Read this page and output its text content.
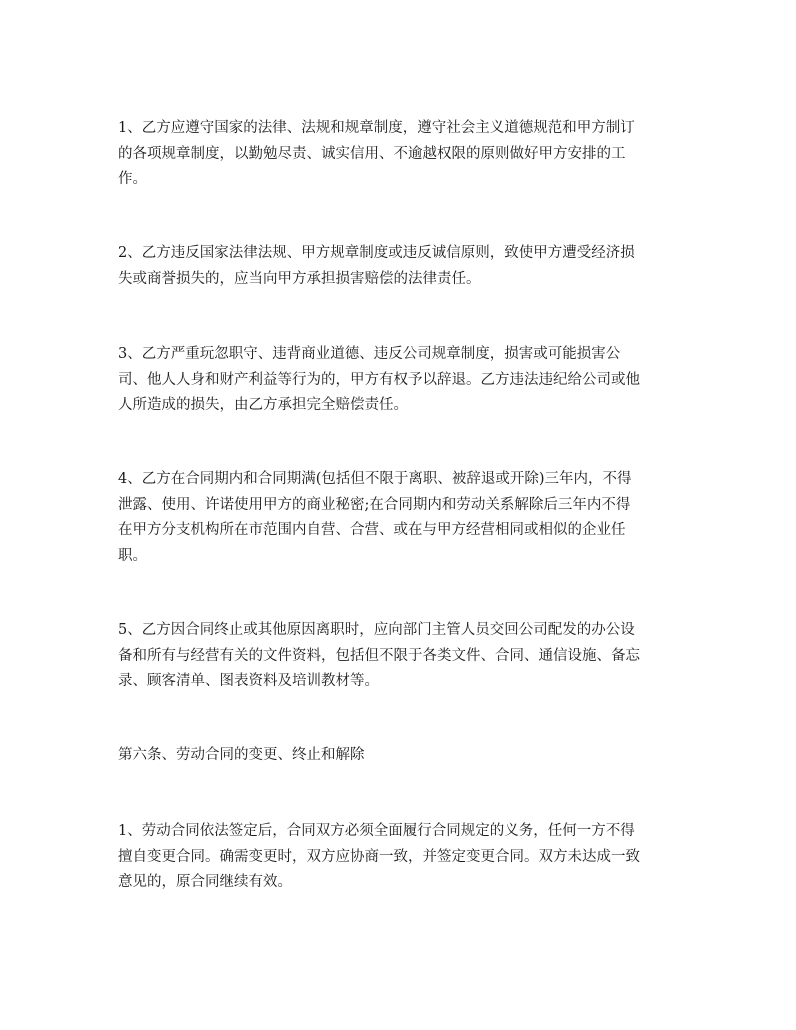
1、乙方应遵守国家的法律、法规和规章制度，遵守社会主义道德规范和甲方制订
的各项规章制度，以勤勉尽责、诚实信用、不逾越权限的原则做好甲方安排的工
作。
2、乙方违反国家法律法规、甲方规章制度或违反诚信原则，致使甲方遭受经济损
失或商誉损失的，应当向甲方承担损害赔偿的法律责任。
3、乙方严重玩忽职守、违背商业道德、违反公司规章制度，损害或可能损害公
司、他人人身和财产利益等行为的，甲方有权予以辞退。乙方违法违纪给公司或他
人所造成的损失，由乙方承担完全赔偿责任。
4、乙方在合同期内和合同期满(包括但不限于离职、被辞退或开除)三年内，不得
泄露、使用、许诺使用甲方的商业秘密;在合同期内和劳动关系解除后三年内不得
在甲方分支机构所在市范围内自营、合营、或在与甲方经营相同或相似的企业任
职。
5、乙方因合同终止或其他原因离职时，应向部门主管人员交回公司配发的办公设
备和所有与经营有关的文件资料，包括但不限于各类文件、合同、通信设施、备忘
录、顾客清单、图表资料及培训教材等。
第六条、劳动合同的变更、终止和解除
1、劳动合同依法签定后，合同双方必须全面履行合同规定的义务，任何一方不得
擅自变更合同。确需变更时，双方应协商一致，并签定变更合同。双方未达成一致
意见的，原合同继续有效。
